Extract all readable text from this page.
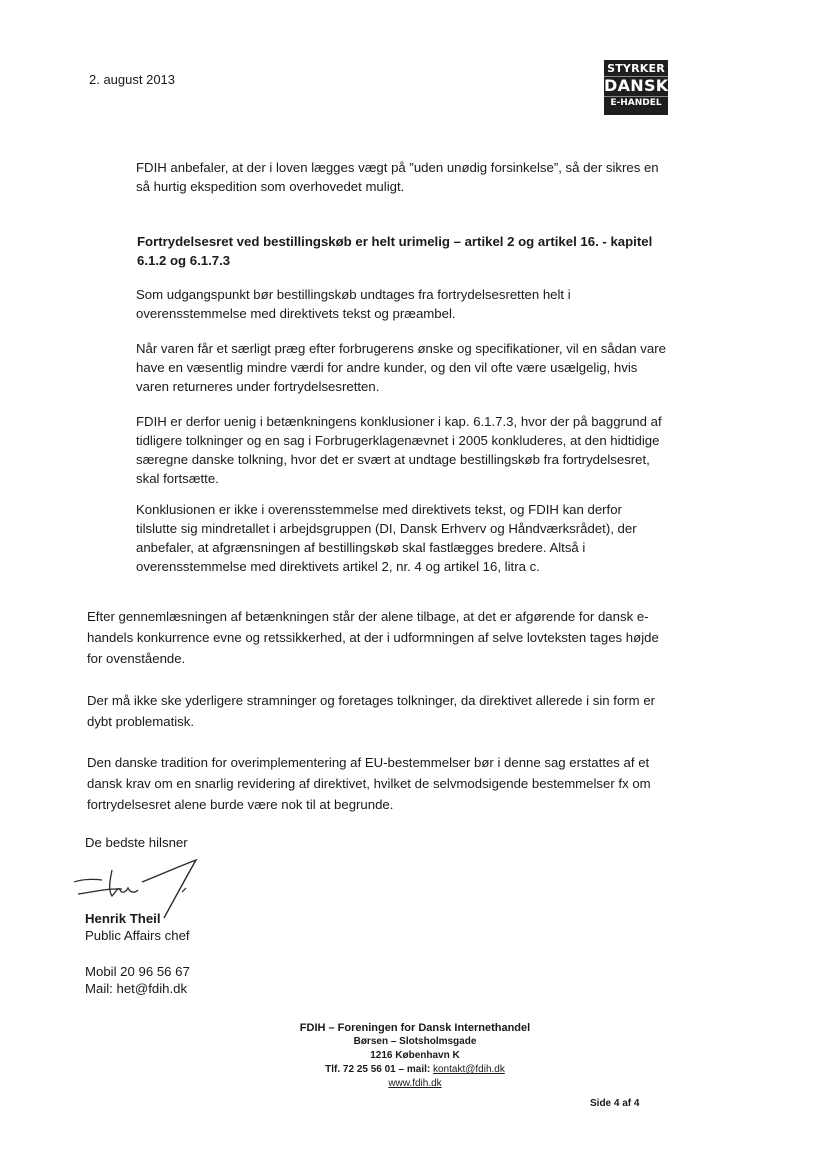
2. august 2013
STYRKER
DANSK
E-HANDEL

FDIH anbefaler, at der i loven lægges vægt på ”uden unødig forsinkelse”, så der sikres en så hurtig ekspedition som overhovedet muligt.

Fortrydelsesret ved bestillingskøb er helt urimelig – artikel 2 og artikel 16. - kapitel 6.1.2 og 6.1.7.3

Som udgangspunkt bør bestillingskøb undtages fra fortrydelsesretten helt i overensstemmelse med direktivets tekst og præambel.

Når varen får et særligt præg efter forbrugerens ønske og specifikationer, vil en sådan vare have en væsentlig mindre værdi for andre kunder, og den vil ofte være usælgelig, hvis varen returneres under fortrydelsesretten.

FDIH er derfor uenig i betænkningens konklusioner i kap. 6.1.7.3, hvor der på baggrund af tidligere tolkninger og en sag i Forbrugerklagenævnet i 2005 konkluderes, at den hidtidige særegne danske tolkning, hvor det er svært at undtage bestillingskøb fra fortrydelsesret, skal fortsætte.

Konklusionen er ikke i overensstemmelse med direktivets tekst, og FDIH kan derfor tilslutte sig mindretallet i arbejdsgruppen (DI, Dansk Erhverv og Håndværksrådet), der anbefaler, at afgrænsningen af bestillingskøb skal fastlægges bredere. Altså i overensstemmelse med direktivets artikel 2, nr. 4 og artikel 16, litra c.

Efter gennemlæsningen af betænkningen står der alene tilbage, at det er afgørende for dansk e-handels konkurrence evne og retssikkerhed, at der i udformningen af selve lovteksten tages højde for ovenstående.

Der må ikke ske yderligere stramninger og foretages tolkninger, da direktivet allerede i sin form er dybt problematisk.

Den danske tradition for overimplementering af EU-bestemmelser bør i denne sag erstattes af et dansk krav om en snarlig revidering af direktivet, hvilket de selvmodsigende bestemmelser fx om fortrydelsesret alene burde være nok til at begrunde.

De bedste hilsner

Henrik Theil

Public Affairs chef

Mobil 20 96 56 67

Mail: het@fdih.dk

FDIH – Foreningen for Dansk Internethandel
Børsen – Slotsholmsgade
1216 København K
Tlf. 72 25 56 01 – mail: kontakt@fdih.dk
www.fdih.dk
Side 4 af 4
